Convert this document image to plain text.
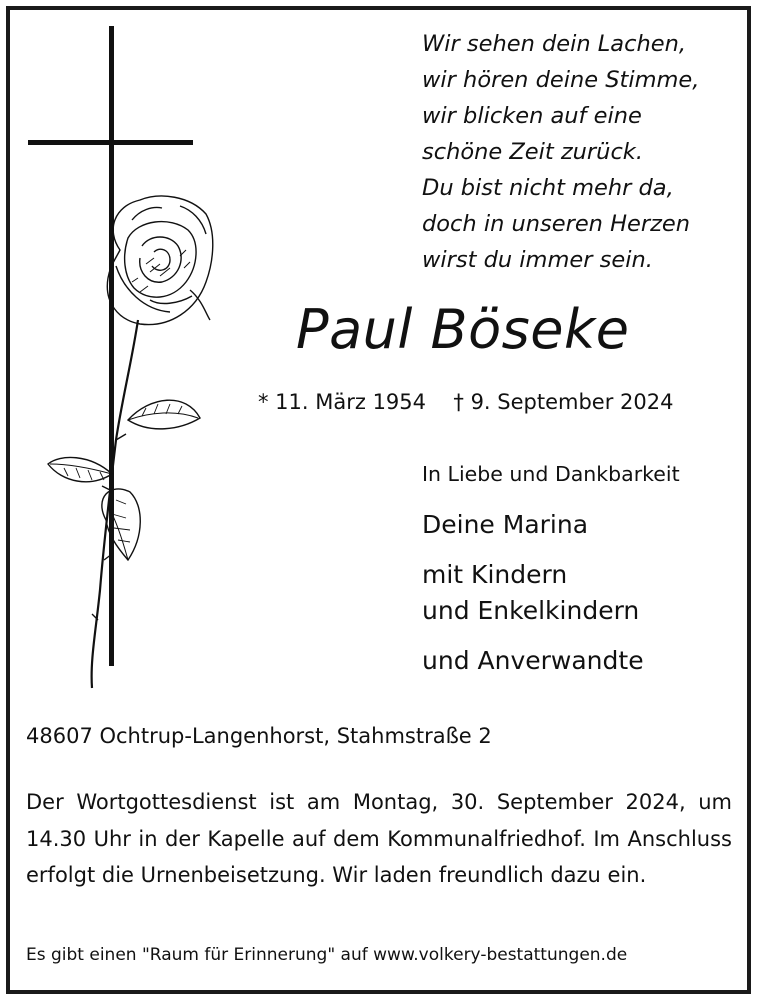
Wir sehen dein Lachen,
wir hören deine Stimme,
wir blicken auf eine
schöne Zeit zurück.
Du bist nicht mehr da,
doch in unseren Herzen
wirst du immer sein.
Paul Böseke
* 11. März 1954 † 9. September 2024
In Liebe und Dankbarkeit
Deine Marina
mit Kindern
und Enkelkindern
und Anverwandte
48607 Ochtrup-Langenhorst, Stahmstraße 2
Der Wortgottesdienst ist am Montag, 30. September 2024, um 14.30 Uhr in der Kapelle auf dem Kommunalfriedhof. Im Anschluss erfolgt die Urnenbeisetzung. Wir laden freundlich dazu ein.
Es gibt einen "Raum für Erinnerung" auf www.volkery-bestattungen.de
